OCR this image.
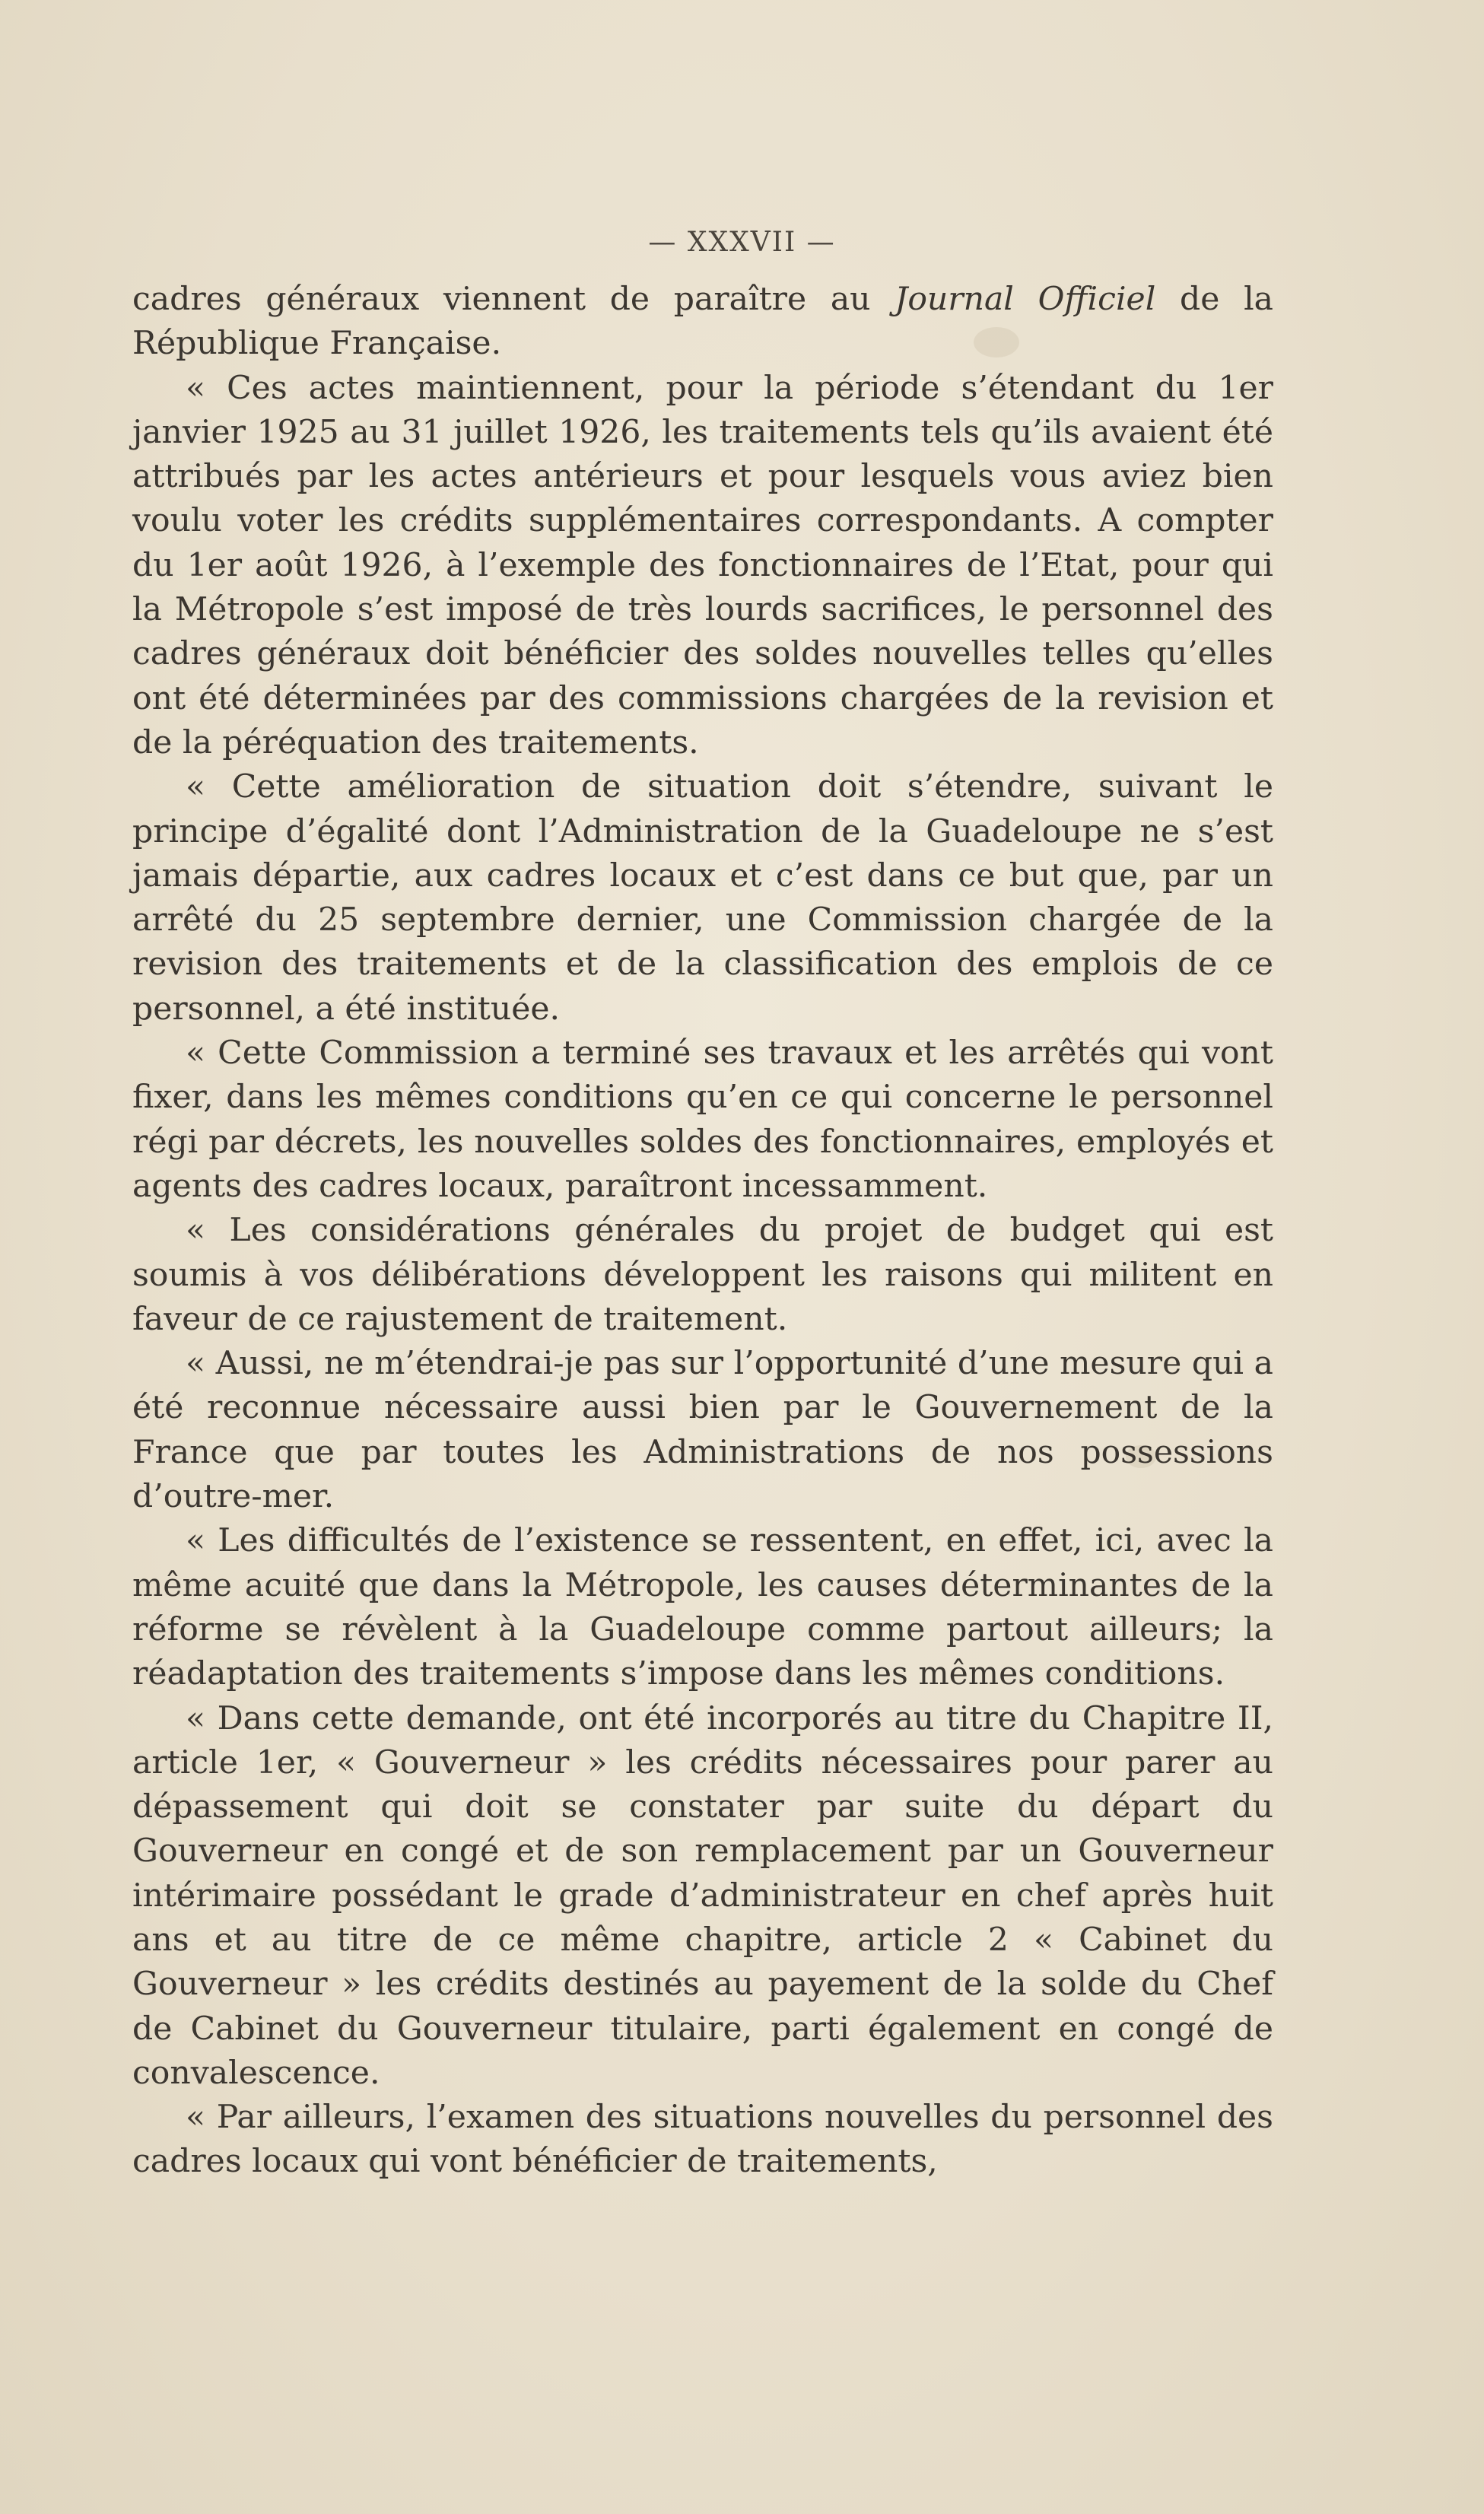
— XXXVII —

cadres généraux viennent de paraître au Journal Officiel de la République Française.

« Ces actes maintiennent, pour la période s’étendant du 1er janvier 1925 au 31 juillet 1926, les traitements tels qu’ils avaient été attribués par les actes antérieurs et pour lesquels vous aviez bien voulu voter les crédits supplémentaires correspondants. A compter du 1er août 1926, à l’exemple des fonctionnaires de l’Etat, pour qui la Métropole s’est imposé de très lourds sacrifices, le personnel des cadres généraux doit bénéficier des soldes nouvelles telles qu’elles ont été déterminées par des commissions chargées de la revision et de la péréquation des traitements.

« Cette amélioration de situation doit s’étendre, suivant le principe d’égalité dont l’Administration de la Guadeloupe ne s’est jamais départie, aux cadres locaux et c’est dans ce but que, par un arrêté du 25 septembre dernier, une Commission chargée de la revision des traitements et de la classification des emplois de ce personnel, a été instituée.

« Cette Commission a terminé ses travaux et les arrêtés qui vont fixer, dans les mêmes conditions qu’en ce qui concerne le personnel régi par décrets, les nouvelles soldes des fonctionnaires, employés et agents des cadres locaux, paraîtront incessamment.

« Les considérations générales du projet de budget qui est soumis à vos délibérations développent les raisons qui militent en faveur de ce rajustement de traitement.

« Aussi, ne m’étendrai-je pas sur l’opportunité d’une mesure qui a été reconnue nécessaire aussi bien par le Gouvernement de la France que par toutes les Administrations de nos possessions d’outre-mer.

« Les difficultés de l’existence se ressentent, en effet, ici, avec la même acuité que dans la Métropole, les causes déterminantes de la réforme se révèlent à la Guadeloupe comme partout ailleurs; la réadaptation des traitements s’impose dans les mêmes conditions.

« Dans cette demande, ont été incorporés au titre du Chapitre II, article 1er, « Gouverneur » les crédits nécessaires pour parer au dépassement qui doit se constater par suite du départ du Gouverneur en congé et de son remplacement par un Gouverneur intérimaire possédant le grade d’administrateur en chef après huit ans et au titre de ce même chapitre, article 2 « Cabinet du Gouverneur » les crédits destinés au payement de la solde du Chef de Cabinet du Gouverneur titulaire, parti également en congé de convalescence.

« Par ailleurs, l’examen des situations nouvelles du personnel des cadres locaux qui vont bénéficier de traitements,
